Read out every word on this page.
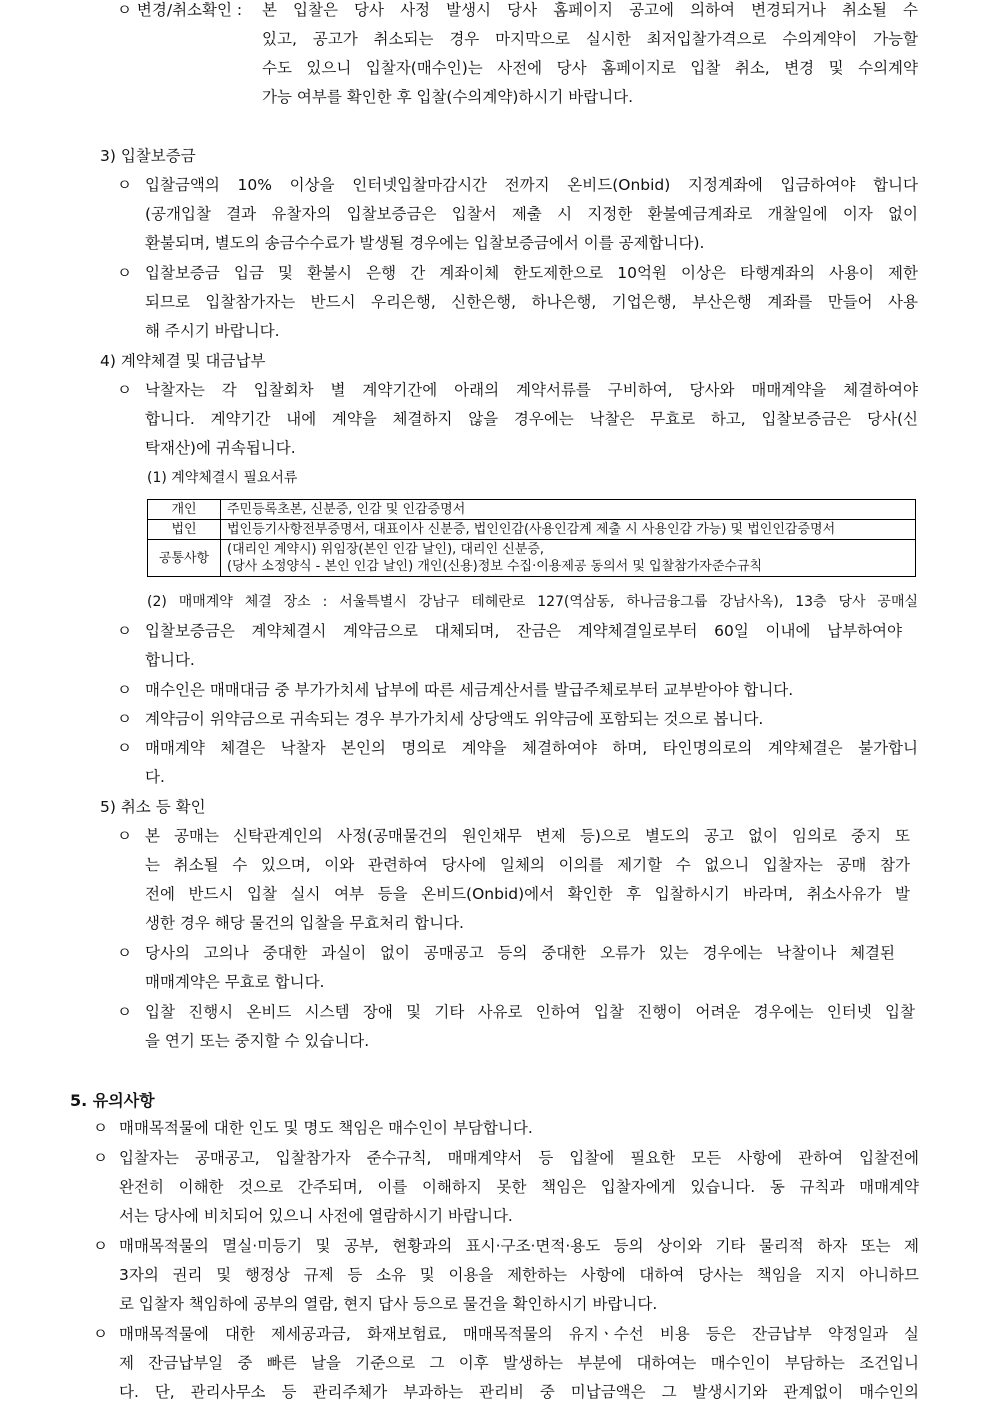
ㅇ 변경/취소확인 : 본 입찰은 당사 사정 발생시 당사 홈페이지 공고에 의하여 변경되거나 취소될 수
있고, 공고가 취소되는 경우 마지막으로 실시한 최저입찰가격으로 수의계약이 가능할
수도 있으니 입찰자(매수인)는 사전에 당사 홈페이지로 입찰 취소, 변경 및 수의계약
가능 여부를 확인한 후 입찰(수의계약)하시기 바랍니다.
3) 입찰보증금
ㅇ 입찰금액의 10% 이상을 인터넷입찰마감시간 전까지 온비드(Onbid) 지정계좌에 입금하여야 합니다
(공개입찰 결과 유찰자의 입찰보증금은 입찰서 제출 시 지정한 환불예금계좌로 개찰일에 이자 없이
환불되며, 별도의 송금수수료가 발생될 경우에는 입찰보증금에서 이를 공제합니다).
ㅇ 입찰보증금 입금 및 환불시 은행 간 계좌이체 한도제한으로 10억원 이상은 타행계좌의 사용이 제한
되므로 입찰참가자는 반드시 우리은행, 신한은행, 하나은행, 기업은행, 부산은행 계좌를 만들어 사용
해 주시기 바랍니다.
4) 계약체결 및 대금납부
ㅇ 낙찰자는 각 입찰회차 별 계약기간에 아래의 계약서류를 구비하여, 당사와 매매계약을 체결하여야
합니다. 계약기간 내에 계약을 체결하지 않을 경우에는 낙찰은 무효로 하고, 입찰보증금은 당사(신
탁재산)에 귀속됩니다.
(1) 계약체결시 필요서류
개인	주민등록초본, 신분증, 인감 및 인감증명서
법인	법인등기사항전부증명서, 대표이사 신분증, 법인인감(사용인감계 제출 시 사용인감 가능) 및 법인인감증명서
공통사항	(대리인 계약시) 위임장(본인 인감 날인), 대리인 신분증,
(당사 소정양식 - 본인 인감 날인) 개인(신용)정보 수집·이용제공 동의서 및 입찰참가자준수규칙
(2) 매매계약 체결 장소 : 서울특별시 강남구 테헤란로 127(역삼동, 하나금융그룹 강남사옥), 13층 당사 공매실
ㅇ 입찰보증금은 계약체결시 계약금으로 대체되며, 잔금은 계약체결일로부터 60일 이내에 납부하여야
합니다.
ㅇ 매수인은 매매대금 중 부가가치세 납부에 따른 세금계산서를 발급주체로부터 교부받아야 합니다.
ㅇ 계약금이 위약금으로 귀속되는 경우 부가가치세 상당액도 위약금에 포함되는 것으로 봅니다.
ㅇ 매매계약 체결은 낙찰자 본인의 명의로 계약을 체결하여야 하며, 타인명의로의 계약체결은 불가합니
다.
5) 취소 등 확인
ㅇ 본 공매는 신탁관계인의 사정(공매물건의 원인채무 변제 등)으로 별도의 공고 없이 임의로 중지 또
는 취소될 수 있으며, 이와 관련하여 당사에 일체의 이의를 제기할 수 없으니 입찰자는 공매 참가
전에 반드시 입찰 실시 여부 등을 온비드(Onbid)에서 확인한 후 입찰하시기 바라며, 취소사유가 발
생한 경우 해당 물건의 입찰을 무효처리 합니다.
ㅇ 당사의 고의나 중대한 과실이 없이 공매공고 등의 중대한 오류가 있는 경우에는 낙찰이나 체결된
매매계약은 무효로 합니다.
ㅇ 입찰 진행시 온비드 시스템 장애 및 기타 사유로 인하여 입찰 진행이 어려운 경우에는 인터넷 입찰
을 연기 또는 중지할 수 있습니다.
5. 유의사항
ㅇ 매매목적물에 대한 인도 및 명도 책임은 매수인이 부담합니다.
ㅇ 입찰자는 공매공고, 입찰참가자 준수규칙, 매매계약서 등 입찰에 필요한 모든 사항에 관하여 입찰전에
완전히 이해한 것으로 간주되며, 이를 이해하지 못한 책임은 입찰자에게 있습니다. 동 규칙과 매매계약
서는 당사에 비치되어 있으니 사전에 열람하시기 바랍니다.
ㅇ 매매목적물의 멸실·미등기 및 공부, 현황과의 표시·구조·면적·용도 등의 상이와 기타 물리적 하자 또는 제
3자의 권리 및 행정상 규제 등 소유 및 이용을 제한하는 사항에 대하여 당사는 책임을 지지 아니하므
로 입찰자 책임하에 공부의 열람, 현지 답사 등으로 물건을 확인하시기 바랍니다.
ㅇ 매매목적물에 대한 제세공과금, 화재보험료, 매매목적물의 유지ㆍ수선 비용 등은 잔금납부 약정일과 실
제 잔금납부일 중 빠른 날을 기준으로 그 이후 발생하는 부분에 대하여는 매수인이 부담하는 조건입니
다. 단, 관리사무소 등 관리주체가 부과하는 관리비 중 미납금액은 그 발생시기와 관계없이 매수인의
